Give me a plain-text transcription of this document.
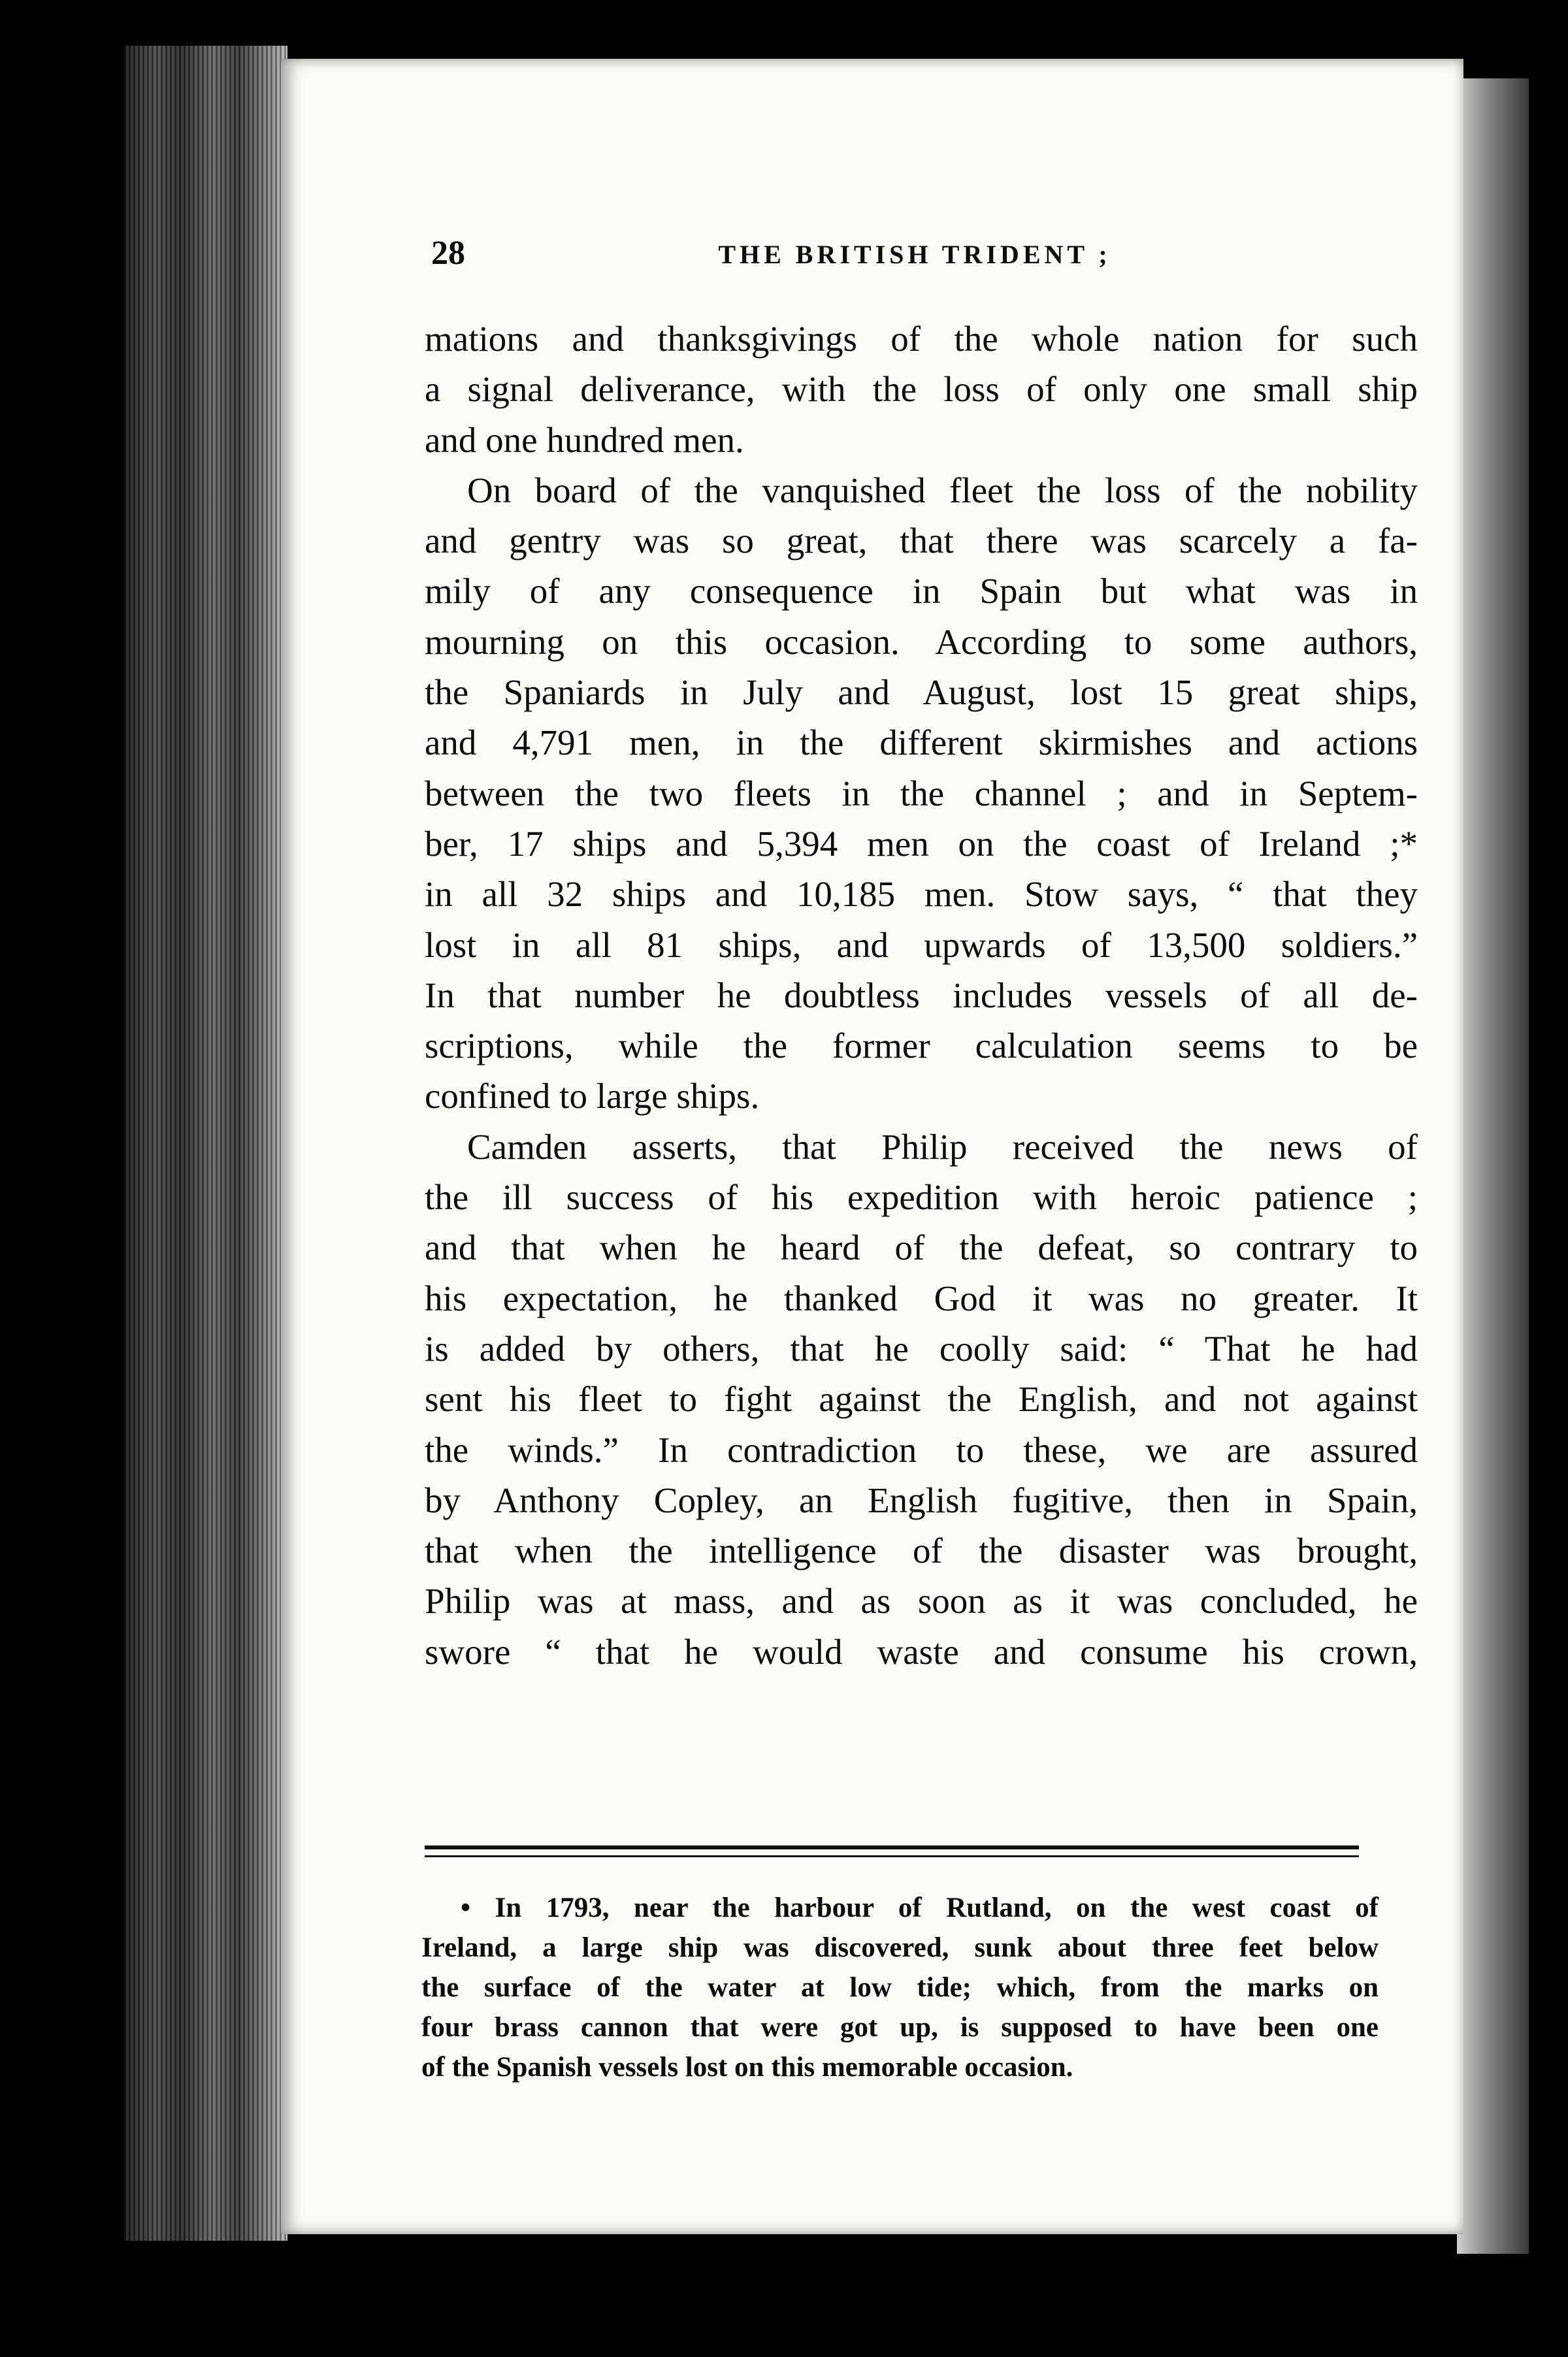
28	THE BRITISH TRIDENT ;
mations and thanksgivings of the whole nation for such
a signal deliverance, with the loss of only one small ship
and one hundred men.
On board of the vanquished fleet the loss of the nobility
and gentry was so great, that there was scarcely a fa-
mily of any consequence in Spain but what was in
mourning on this occasion. According to some authors,
the Spaniards in July and August, lost 15 great ships,
and 4,791 men, in the different skirmishes and actions
between the two fleets in the channel ; and in Septem-
ber, 17 ships and 5,394 men on the coast of Ireland ;*
in all 32 ships and 10,185 men. Stow says, “ that they
lost in all 81 ships, and upwards of 13,500 soldiers.”
In that number he doubtless includes vessels of all de-
scriptions, while the former calculation seems to be
confined to large ships.
Camden asserts, that Philip received the news of
the ill success of his expedition with heroic patience ;
and that when he heard of the defeat, so contrary to
his expectation, he thanked God it was no greater. It
is added by others, that he coolly said: “ That he had
sent his fleet to fight against the English, and not against
the winds.” In contradiction to these, we are assured
by Anthony Copley, an English fugitive, then in Spain,
that when the intelligence of the disaster was brought,
Philip was at mass, and as soon as it was concluded, he
swore “ that he would waste and consume his crown,
• In 1793, near the harbour of Rutland, on the west coast of
Ireland, a large ship was discovered, sunk about three feet below
the surface of the water at low tide; which, from the marks on
four brass cannon that were got up, is supposed to have been one
of the Spanish vessels lost on this memorable occasion.
